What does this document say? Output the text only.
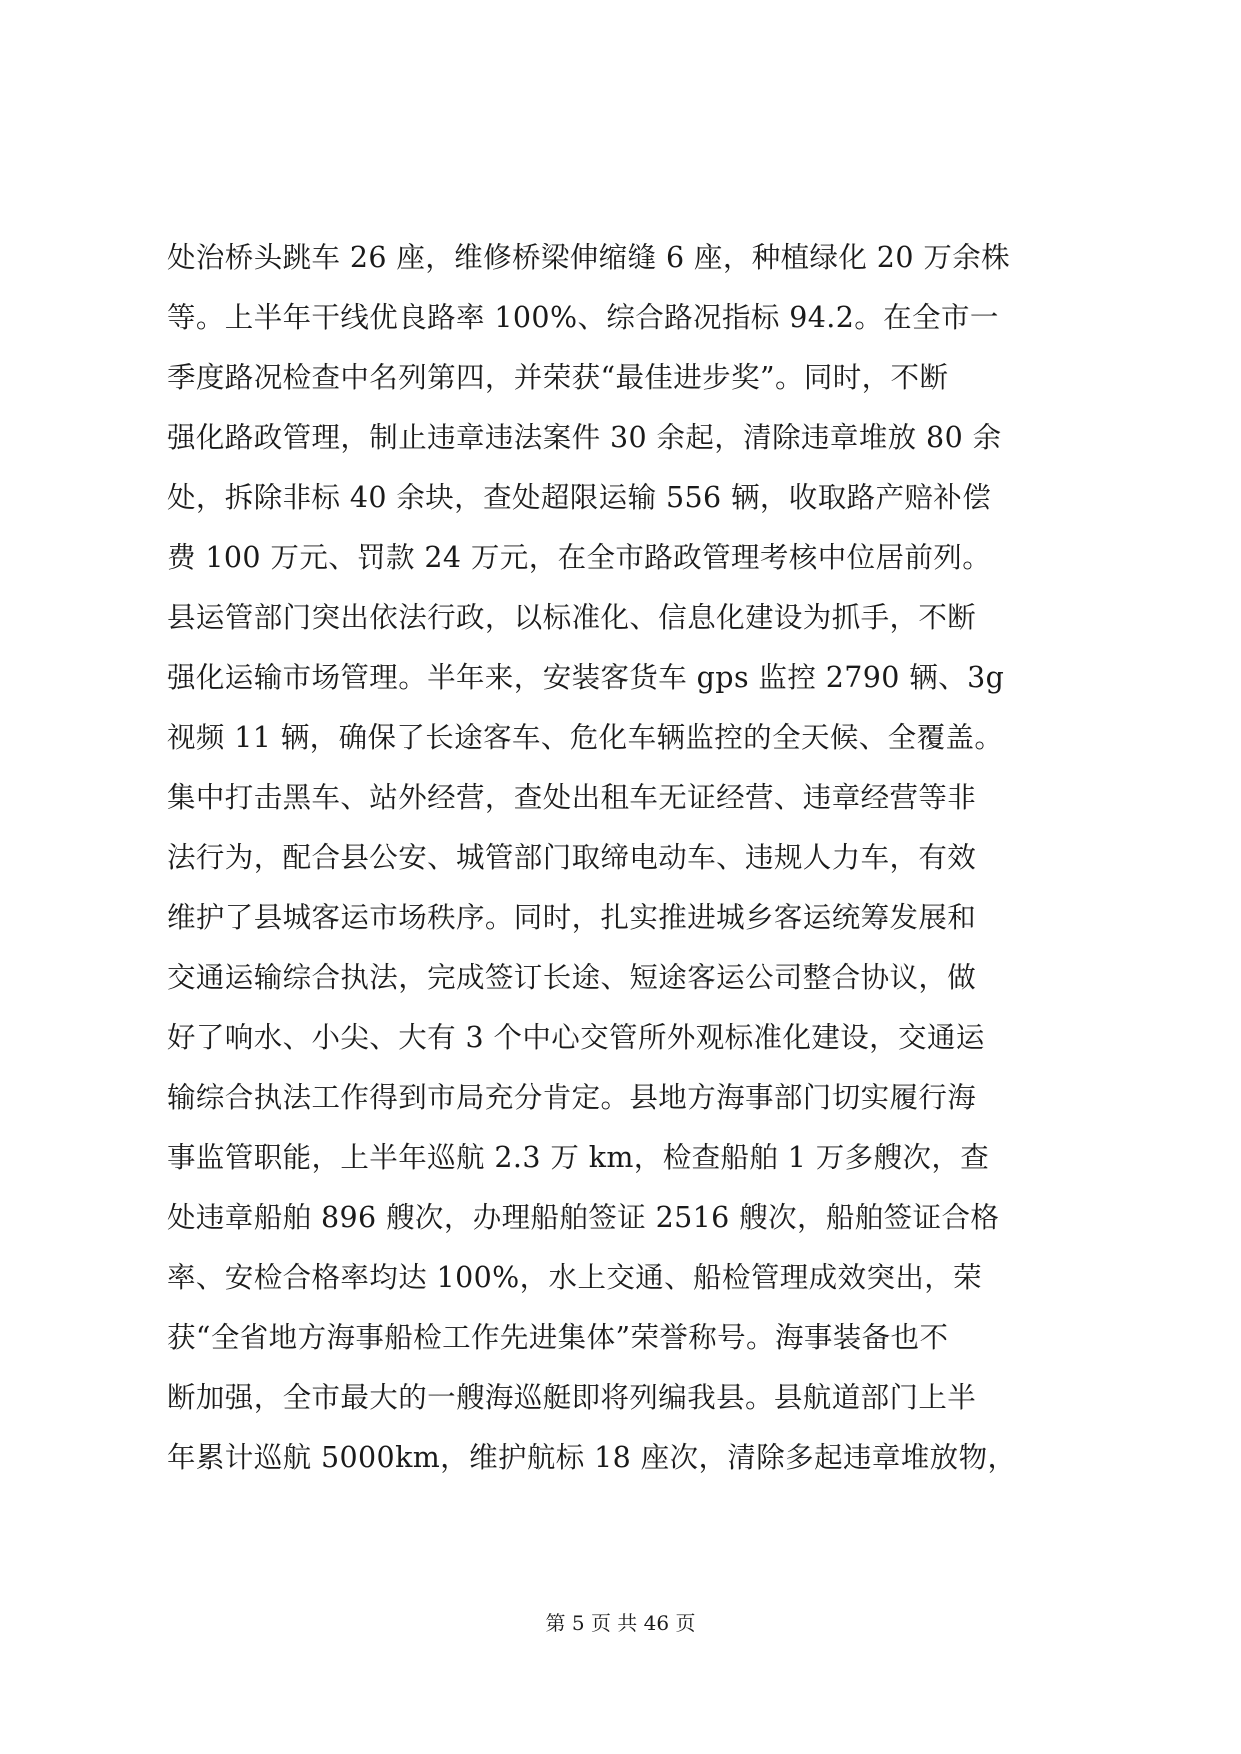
处治桥头跳车 26 座，维修桥梁伸缩缝 6 座，种植绿化 20 万余株
等。上半年干线优良路率 100%、综合路况指标 94.2。在全市一
季度路况检查中名列第四，并荣获“最佳进步奖”。同时，不断
强化路政管理，制止违章违法案件 30 余起，清除违章堆放 80 余
处，拆除非标 40 余块，查处超限运输 556 辆，收取路产赔补偿
费 100 万元、罚款 24 万元，在全市路政管理考核中位居前列。
县运管部门突出依法行政，以标准化、信息化建设为抓手，不断
强化运输市场管理。半年来，安装客货车 gps 监控 2790 辆、3g
视频 11 辆，确保了长途客车、危化车辆监控的全天候、全覆盖。
集中打击黑车、站外经营，查处出租车无证经营、违章经营等非
法行为，配合县公安、城管部门取缔电动车、违规人力车，有效
维护了县城客运市场秩序。同时，扎实推进城乡客运统筹发展和
交通运输综合执法，完成签订长途、短途客运公司整合协议，做
好了响水、小尖、大有 3 个中心交管所外观标准化建设，交通运
输综合执法工作得到市局充分肯定。县地方海事部门切实履行海
事监管职能，上半年巡航 2.3 万 km，检查船舶 1 万多艘次，查
处违章船舶 896 艘次，办理船舶签证 2516 艘次，船舶签证合格
率、安检合格率均达 100%，水上交通、船检管理成效突出，荣
获“全省地方海事船检工作先进集体”荣誉称号。海事装备也不
断加强，全市最大的一艘海巡艇即将列编我县。县航道部门上半
年累计巡航 5000km，维护航标 18 座次，清除多起违章堆放物，
第 5 页 共 46 页
